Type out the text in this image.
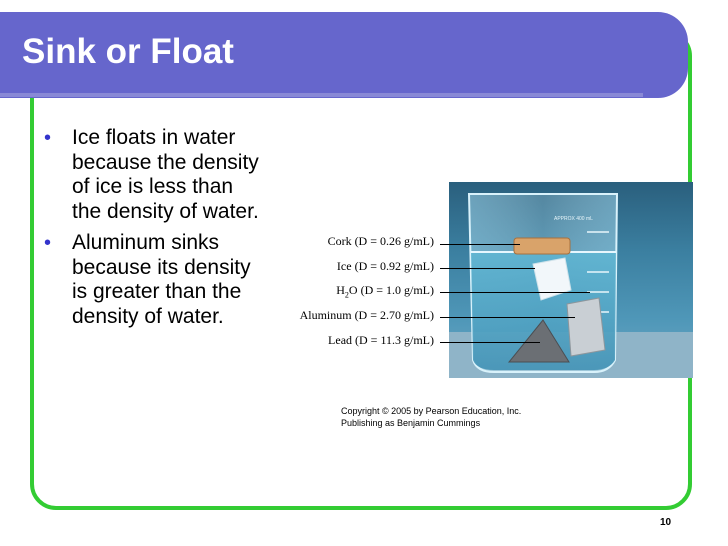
Sink or Float
• Ice floats in water because the density of ice is less than the density of water.
• Aluminum sinks because its density is greater than the density of water.
APPROX 400 mL
Cork (D = 0.26 g/mL)
Ice (D = 0.92 g/mL)
$H_2O$ (D = 1.0 g/mL)
Aluminum (D = 2.70 g/mL)
Lead (D = 11.3 g/mL)
Copyright © 2005 by Pearson Education, Inc.
Publishing as Benjamin Cummings
10
